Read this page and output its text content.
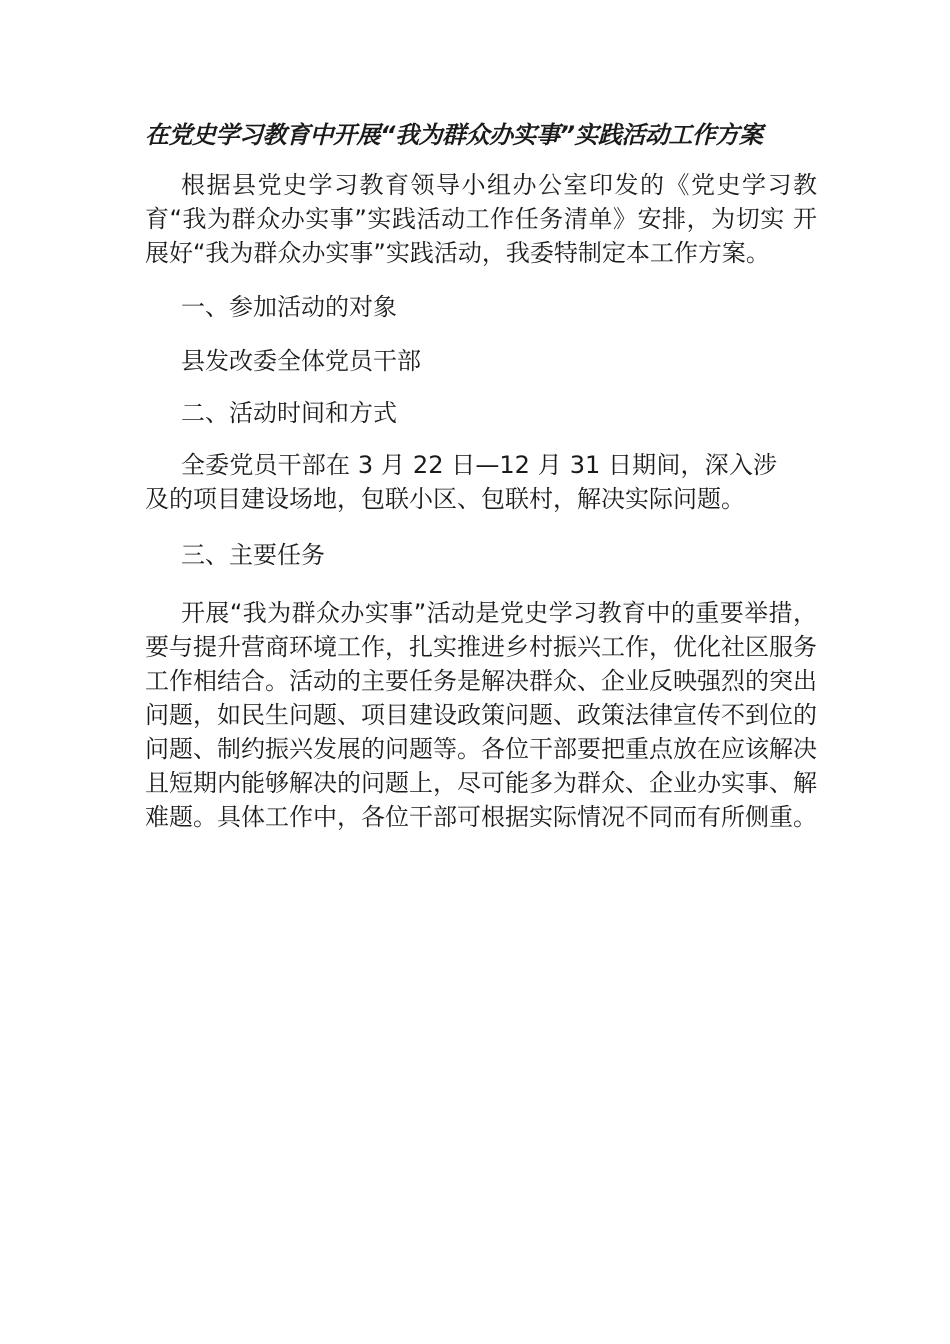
在党史学习教育中开展“我为群众办实事”实践活动工作方案

根据县党史学习教育领导小组办公室印发的《党史学习教育“我为群众办实事”实践活动工作任务清单》安排，为切实 开展好“我为群众办实事”实践活动，我委特制定本工作方案。

一、参加活动的对象

县发改委全体党员干部

二、活动时间和方式

全委党员干部在 3 月 22 日—12 月 31 日期间，深入涉及的项目建设场地，包联小区、包联村，解决实际问题。

三、主要任务

开展“我为群众办实事”活动是党史学习教育中的重要举措，要与提升营商环境工作，扎实推进乡村振兴工作，优化社区服务工作相结合。活动的主要任务是解决群众、企业反映强烈的突出问题，如民生问题、项目建设政策问题、政策法律宣传不到位的问题、制约振兴发展的问题等。各位干部要把重点放在应该解决且短期内能够解决的问题上，尽可能多为群众、企业办实事、解难题。具体工作中，各位干部可根据实际情况不同而有所侧重。
